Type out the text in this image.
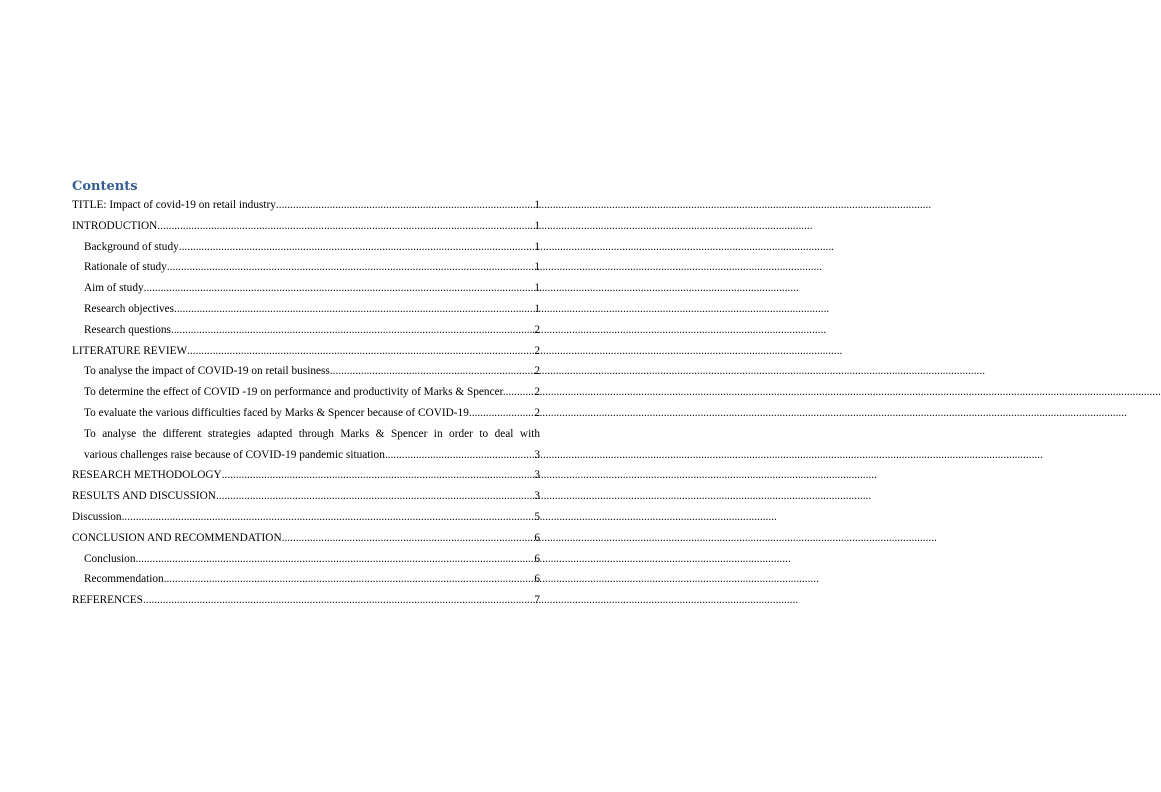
Contents
TITLE: Impact of covid-19 on retail industry .....	1
INTRODUCTION .....	1
Background of study .....	1
Rationale of study .....	1
Aim of study .....	1
Research objectives .....	1
Research questions .....	2
LITERATURE REVIEW .....	2
To analyse the impact of COVID-19 on retail business .....	2
To determine the effect of COVID -19 on performance and productivity of Marks & Spencer. .....	2
To evaluate the various difficulties faced by Marks & Spencer because of COVID-19. .....	2
To analyse the different strategies adapted through Marks & Spencer in order to deal with
various challenges raise because of COVID-19 pandemic situation. .....	3
RESEARCH METHODOLOGY .....	3
RESULTS AND DISCUSSION .....	3
Discussion .....	5
CONCLUSION AND RECOMMENDATION .....	6
Conclusion .....	6
Recommendation .....	6
REFERENCES .....	7
